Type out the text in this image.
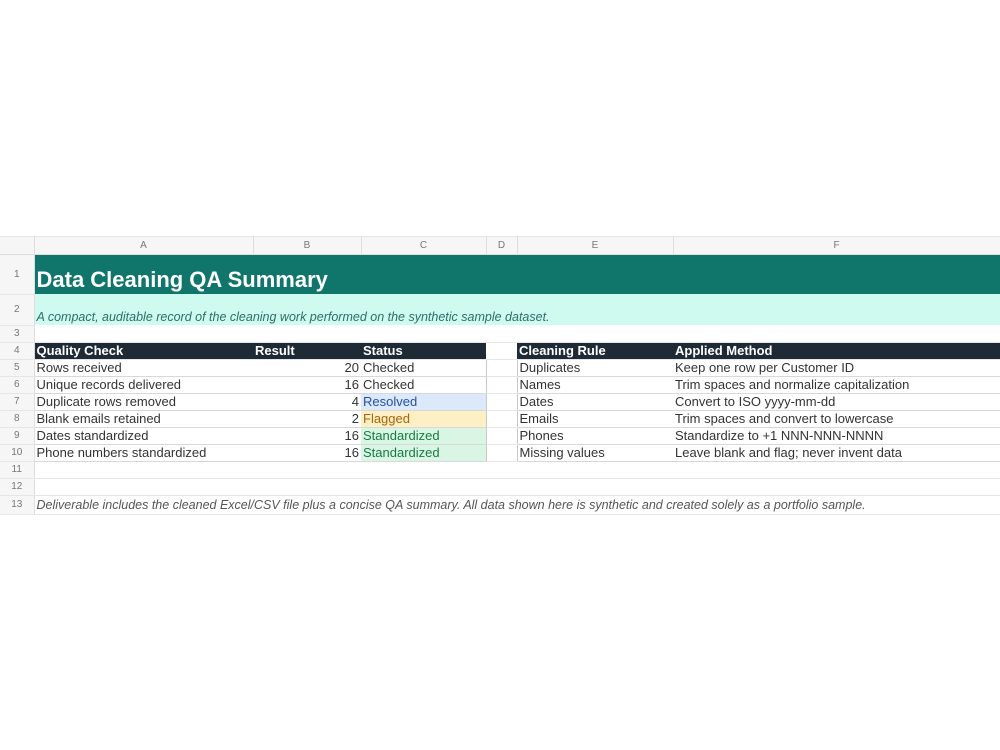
	A	B	C	D	E	F
1	Data Cleaning QA Summary					
2	A compact, auditable record of the cleaning work performed on the synthetic sample dataset.					
3						
4	Quality Check	Result	Status		Cleaning Rule	Applied Method
5	Rows received	20	Checked		Duplicates	Keep one row per Customer ID
6	Unique records delivered	16	Checked		Names	Trim spaces and normalize capitalization
7	Duplicate rows removed	4	Resolved		Dates	Convert to ISO yyyy-mm-dd
8	Blank emails retained	2	Flagged		Emails	Trim spaces and convert to lowercase
9	Dates standardized	16	Standardized		Phones	Standardize to +1 NNN-NNN-NNNN
10	Phone numbers standardized	16	Standardized		Missing values	Leave blank and flag; never invent data
11						
12						
13	Deliverable includes the cleaned Excel/CSV file plus a concise QA summary. All data shown here is synthetic and created solely as a portfolio sample.					
